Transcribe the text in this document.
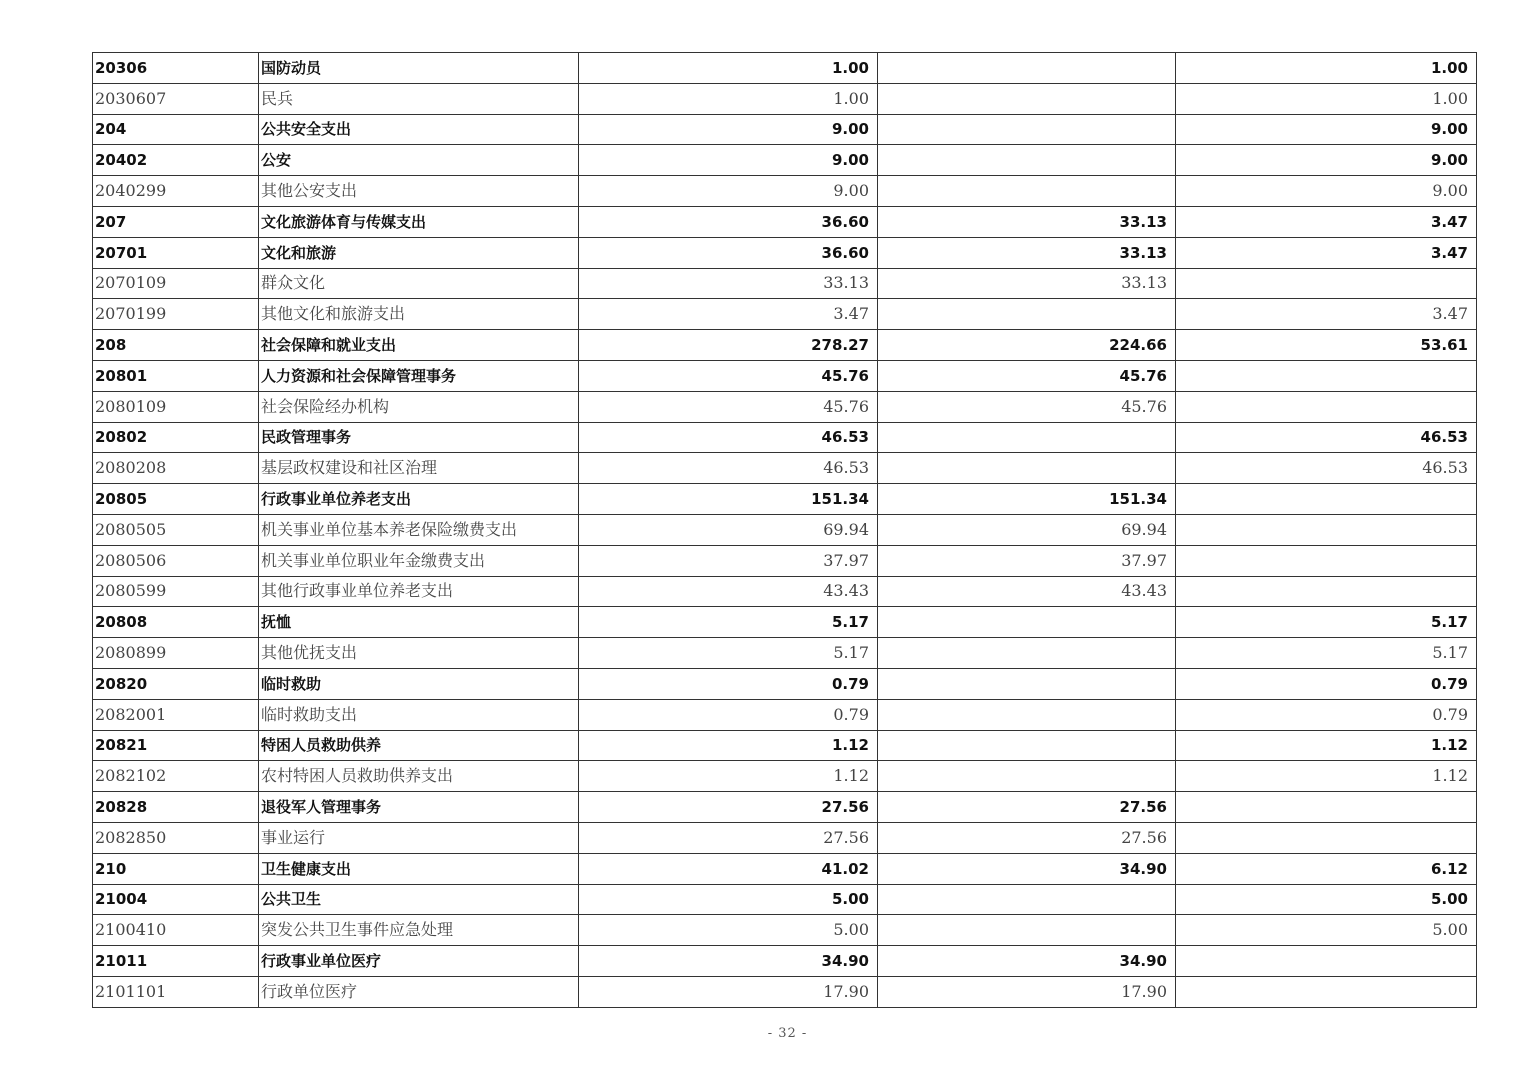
20306	国防动员	1.00		1.00
2030607	民兵	1.00		1.00
204	公共安全支出	9.00		9.00
20402	公安	9.00		9.00
2040299	其他公安支出	9.00		9.00
207	文化旅游体育与传媒支出	36.60	33.13	3.47
20701	文化和旅游	36.60	33.13	3.47
2070109	群众文化	33.13	33.13	
2070199	其他文化和旅游支出	3.47		3.47
208	社会保障和就业支出	278.27	224.66	53.61
20801	人力资源和社会保障管理事务	45.76	45.76	
2080109	社会保险经办机构	45.76	45.76	
20802	民政管理事务	46.53		46.53
2080208	基层政权建设和社区治理	46.53		46.53
20805	行政事业单位养老支出	151.34	151.34	
2080505	机关事业单位基本养老保险缴费支出	69.94	69.94	
2080506	机关事业单位职业年金缴费支出	37.97	37.97	
2080599	其他行政事业单位养老支出	43.43	43.43	
20808	抚恤	5.17		5.17
2080899	其他优抚支出	5.17		5.17
20820	临时救助	0.79		0.79
2082001	临时救助支出	0.79		0.79
20821	特困人员救助供养	1.12		1.12
2082102	农村特困人员救助供养支出	1.12		1.12
20828	退役军人管理事务	27.56	27.56	
2082850	事业运行	27.56	27.56	
210	卫生健康支出	41.02	34.90	6.12
21004	公共卫生	5.00		5.00
2100410	突发公共卫生事件应急处理	5.00		5.00
21011	行政事业单位医疗	34.90	34.90	
2101101	行政单位医疗	17.90	17.90	
- 32 -
